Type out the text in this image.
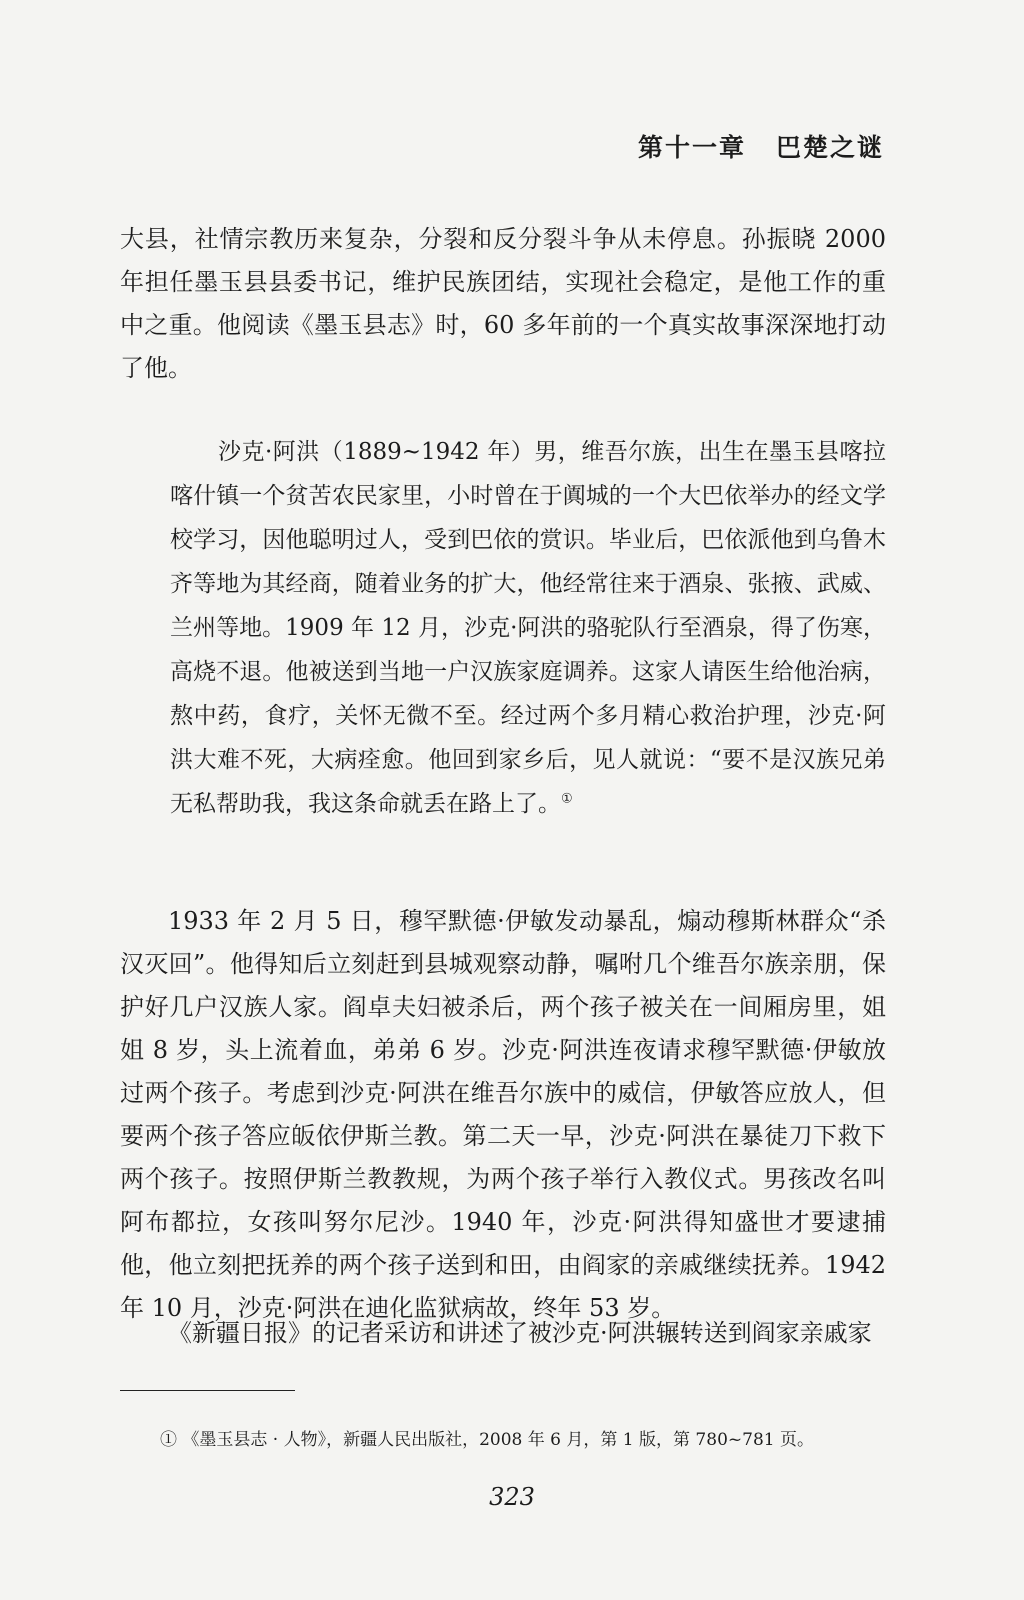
第十一章 巴楚之谜

大县，社情宗教历来复杂，分裂和反分裂斗争从未停息。孙振晓 2000 年担任墨玉县县委书记，维护民族团结，实现社会稳定，是他工作的重中之重。他阅读《墨玉县志》时，60 多年前的一个真实故事深深地打动了他。

沙克·阿洪（1889~1942 年）男，维吾尔族，出生在墨玉县喀拉喀什镇一个贫苦农民家里，小时曾在于阗城的一个大巴依举办的经文学校学习，因他聪明过人，受到巴依的赏识。毕业后，巴依派他到乌鲁木齐等地为其经商，随着业务的扩大，他经常往来于酒泉、张掖、武威、兰州等地。1909 年 12 月，沙克·阿洪的骆驼队行至酒泉，得了伤寒，高烧不退。他被送到当地一户汉族家庭调养。这家人请医生给他治病，熬中药，食疗，关怀无微不至。经过两个多月精心救治护理，沙克·阿洪大难不死，大病痊愈。他回到家乡后，见人就说：“要不是汉族兄弟无私帮助我，我这条命就丢在路上了。①

1933 年 2 月 5 日，穆罕默德·伊敏发动暴乱，煽动穆斯林群众“杀汉灭回”。他得知后立刻赶到县城观察动静，嘱咐几个维吾尔族亲朋，保护好几户汉族人家。阎卓夫妇被杀后，两个孩子被关在一间厢房里，姐姐 8 岁，头上流着血，弟弟 6 岁。沙克·阿洪连夜请求穆罕默德·伊敏放过两个孩子。考虑到沙克·阿洪在维吾尔族中的威信，伊敏答应放人，但要两个孩子答应皈依伊斯兰教。第二天一早，沙克·阿洪在暴徒刀下救下两个孩子。按照伊斯兰教教规，为两个孩子举行入教仪式。男孩改名叫阿布都拉，女孩叫努尔尼沙。1940 年，沙克·阿洪得知盛世才要逮捕他，他立刻把抚养的两个孩子送到和田，由阎家的亲戚继续抚养。1942 年 10 月，沙克·阿洪在迪化监狱病故，终年 53 岁。

《新疆日报》的记者采访和讲述了被沙克·阿洪辗转送到阎家亲戚家

① 《墨玉县志 · 人物》，新疆人民出版社，2008 年 6 月，第 1 版，第 780~781 页。
323
